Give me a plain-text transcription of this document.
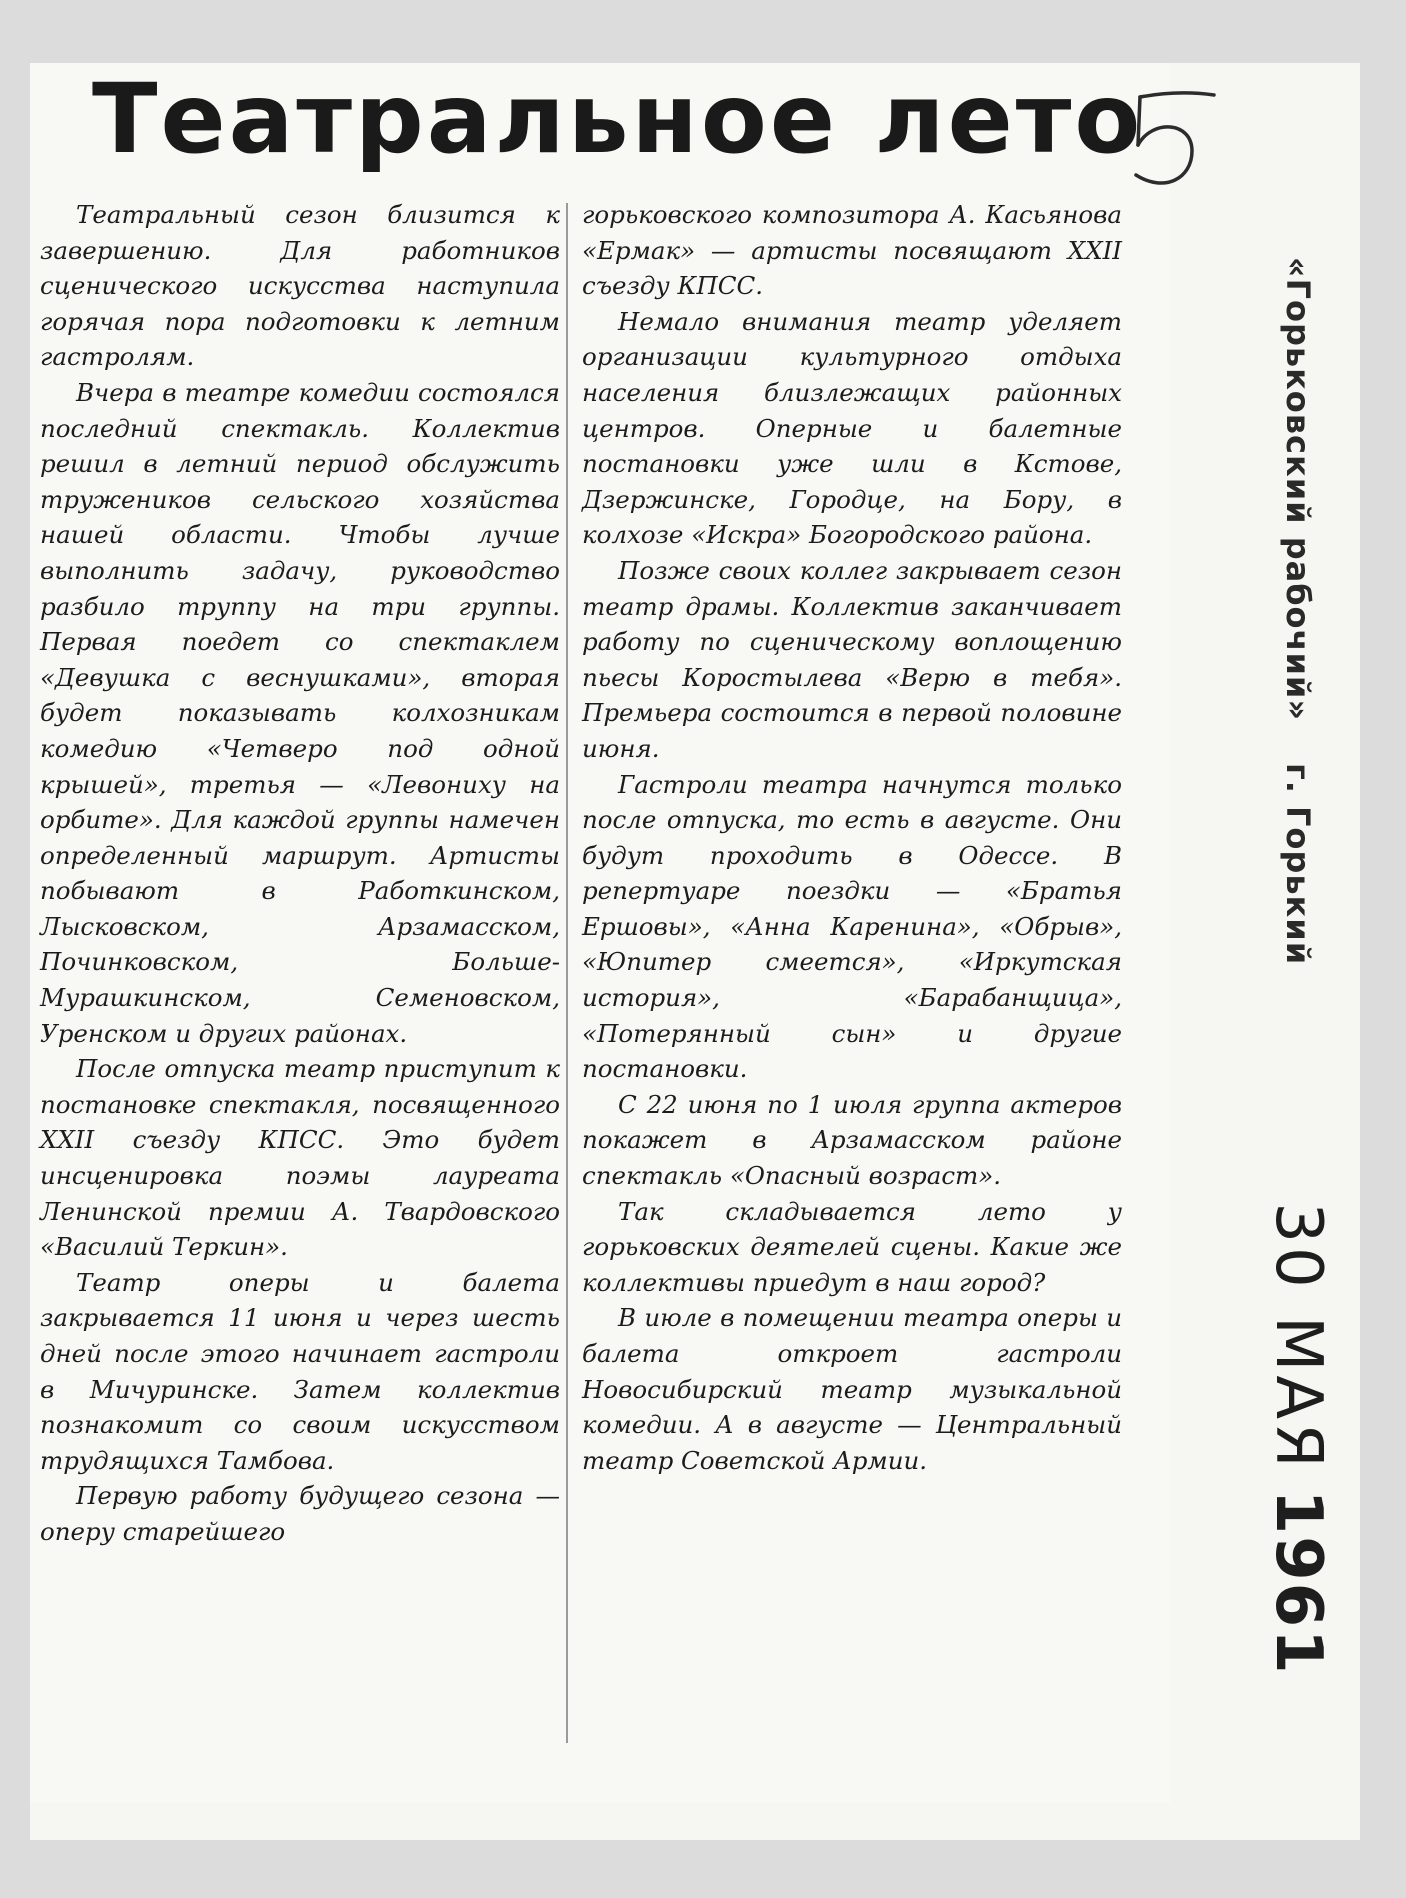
Театральное лето

Театральный сезон близится к завершению. Для работников сценического искусства наступила горячая пора подготовки к летним гастролям.

Вчера в театре комедии состоялся последний спектакль. Коллектив решил в летний период обслужить тружеников сельского хозяйства нашей области. Чтобы лучше выполнить задачу, руководство разбило труппу на три группы. Первая поедет со спектаклем «Девушка с веснушками», вторая будет показывать колхозникам комедию «Четверо под одной крышей», третья — «Левониху на орбите». Для каждой группы намечен определенный маршрут. Артисты побывают в Работкинском, Лысковском, Арзамасском, Починковском, Больше-Мурашкинском, Семеновском, Уренском и других районах.

После отпуска театр приступит к постановке спектакля, посвященного XXII съезду КПСС. Это будет инсценировка поэмы лауреата Ленинской премии А. Твардовского «Василий Теркин».

Театр оперы и балета закрывается 11 июня и через шесть дней после этого начинает гастроли в Мичуринске. Затем коллектив познакомит со своим искусством трудящихся Тамбова.

Первую работу будущего сезона — оперу старейшего

горьковского композитора А. Касьянова «Ермак» — артисты посвящают XXII съезду КПСС.

Немало внимания театр уделяет организации культурного отдыха населения близлежащих районных центров. Оперные и балетные постановки уже шли в Кстове, Дзержинске, Городце, на Бору, в колхозе «Искра» Богородского района.

Позже своих коллег закрывает сезон театр драмы. Коллектив заканчивает работу по сценическому воплощению пьесы Коростылева «Верю в тебя». Премьера состоится в первой половине июня.

Гастроли театра начнутся только после отпуска, то есть в августе. Они будут проходить в Одессе. В репертуаре поездки — «Братья Ершовы», «Анна Каренина», «Обрыв», «Юпитер смеется», «Иркутская история», «Барабанщица», «Потерянный сын» и другие постановки.

С 22 июня по 1 июля группа актеров покажет в Арзамасском районе спектакль «Опасный возраст».

Так складывается лето у горьковских деятелей сцены. Какие же коллективы приедут в наш город?

В июле в помещении театра оперы и балета откроет гастроли Новосибирский театр музыкальной комедии. А в августе — Центральный театр Советской Армии.

«Горьковский рабочий»
г. Горький
30 МАЯ
1961
